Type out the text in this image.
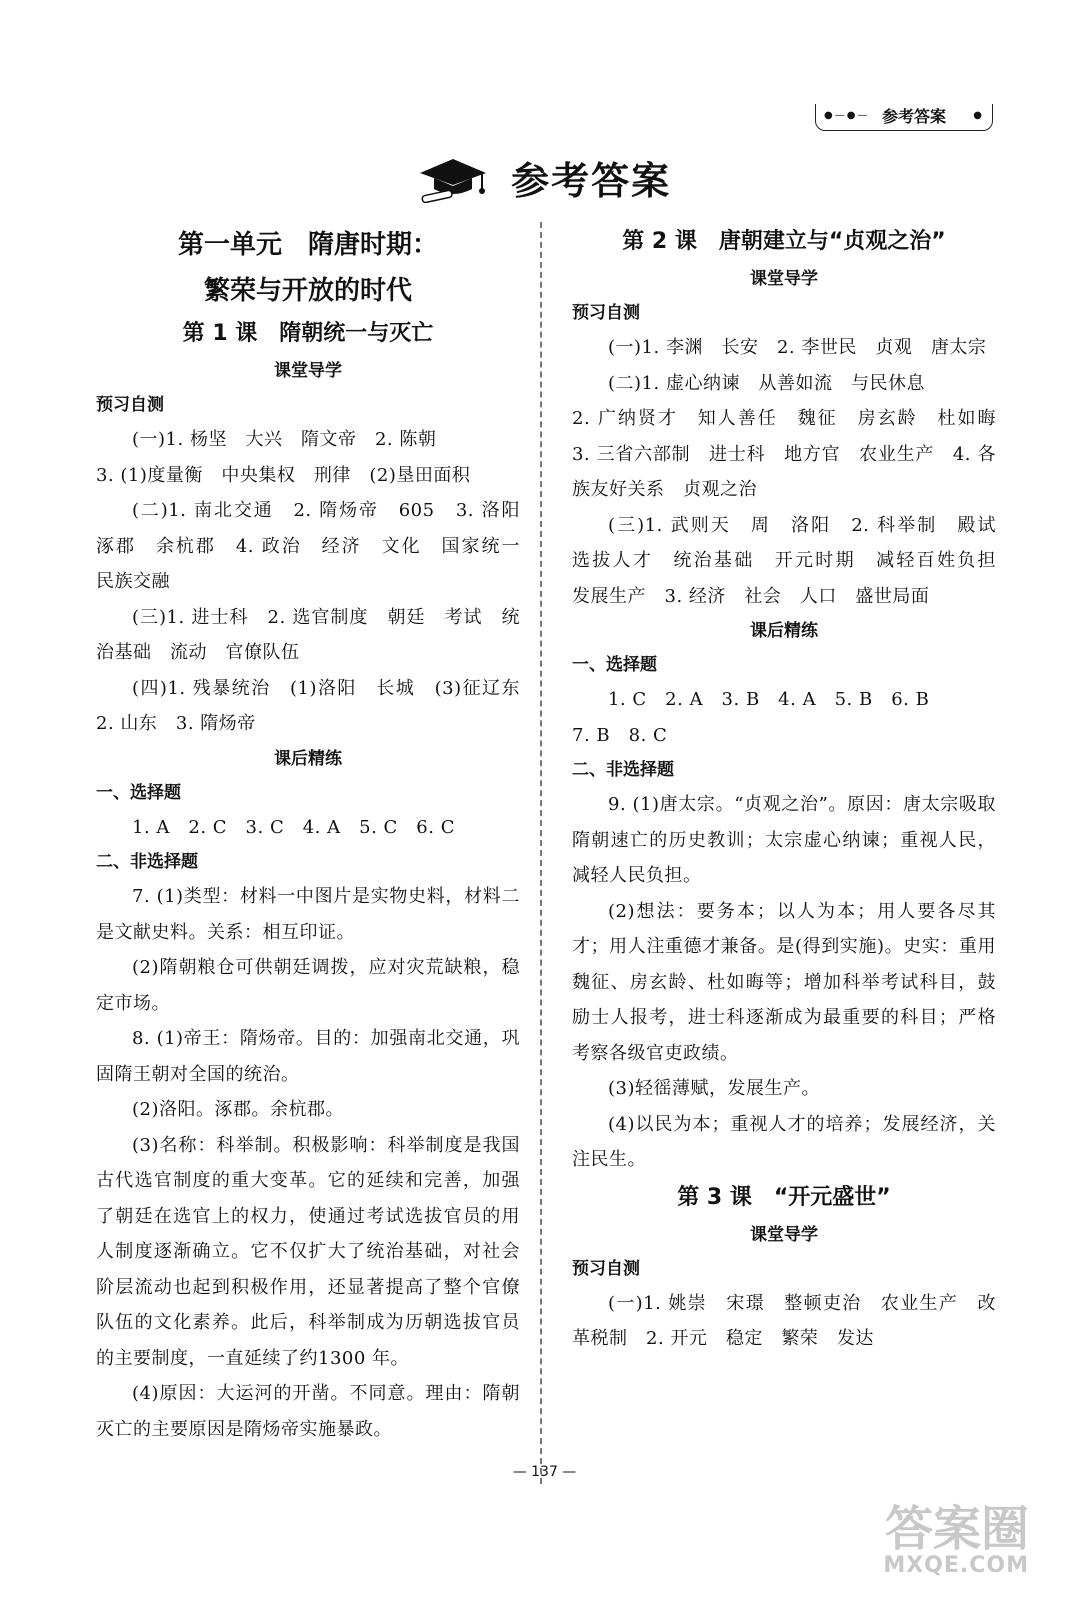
●—●— 参考答案	●
参考答案
第一单元　隋唐时期：
繁荣与开放的时代
第 1 课　隋朝统一与灭亡
课堂导学
预习自测
(一)1. 杨坚　大兴　隋文帝　2. 陈朝
3. (1)度量衡　中央集权　刑律　(2)垦田面积
(二)1. 南北交通　2. 隋炀帝　605　3. 洛阳　涿郡　余杭郡　4. 政治　经济　文化　国家统一　民族交融
(三)1. 进士科　2. 选官制度　朝廷　考试　统治基础　流动　官僚队伍
(四)1. 残暴统治　(1)洛阳　长城　(3)征辽东　2. 山东　3. 隋炀帝
课后精练
一、选择题
1. A　2. C　3. C　4. A　5. C　6. C
二、非选择题
7. (1)类型：材料一中图片是实物史料，材料二是文献史料。关系：相互印证。
(2)隋朝粮仓可供朝廷调拨，应对灾荒缺粮，稳定市场。
8. (1)帝王：隋炀帝。目的：加强南北交通，巩固隋王朝对全国的统治。
(2)洛阳。涿郡。余杭郡。
(3)名称：科举制。积极影响：科举制度是我国古代选官制度的重大变革。它的延续和完善，加强了朝廷在选官上的权力，使通过考试选拔官员的用人制度逐渐确立。它不仅扩大了统治基础，对社会阶层流动也起到积极作用，还显著提高了整个官僚队伍的文化素养。此后，科举制成为历朝选拔官员的主要制度，一直延续了约1300 年。
(4)原因：大运河的开凿。不同意。理由：隋朝灭亡的主要原因是隋炀帝实施暴政。
第 2 课　唐朝建立与“贞观之治”
课堂导学
预习自测
(一)1. 李渊　长安　2. 李世民　贞观　唐太宗
(二)1. 虚心纳谏　从善如流　与民休息
2. 广纳贤才　知人善任　魏征　房玄龄　杜如晦　3. 三省六部制　进士科　地方官　农业生产　4. 各族友好关系　贞观之治
(三)1. 武则天　周　洛阳　2. 科举制　殿试　选拔人才　统治基础　开元时期　减轻百姓负担　发展生产　3. 经济　社会　人口　盛世局面
课后精练
一、选择题
1. C　2. A　3. B　4. A　5. B　6. B
7. B　8. C
二、非选择题
9. (1)唐太宗。“贞观之治”。原因：唐太宗吸取隋朝速亡的历史教训；太宗虚心纳谏；重视人民，减轻人民负担。
(2)想法：要务本；以人为本；用人要各尽其才；用人注重德才兼备。是(得到实施)。史实：重用魏征、房玄龄、杜如晦等；增加科举考试科目，鼓励士人报考，进士科逐渐成为最重要的科目；严格考察各级官吏政绩。
(3)轻徭薄赋，发展生产。
(4)以民为本；重视人才的培养；发展经济，关注民生。
第 3 课　“开元盛世”
课堂导学
预习自测
(一)1. 姚崇　宋璟　整顿吏治　农业生产　改革税制　2. 开元　稳定　繁荣　发达
— 137 —
答案圈
MXQE.COM
